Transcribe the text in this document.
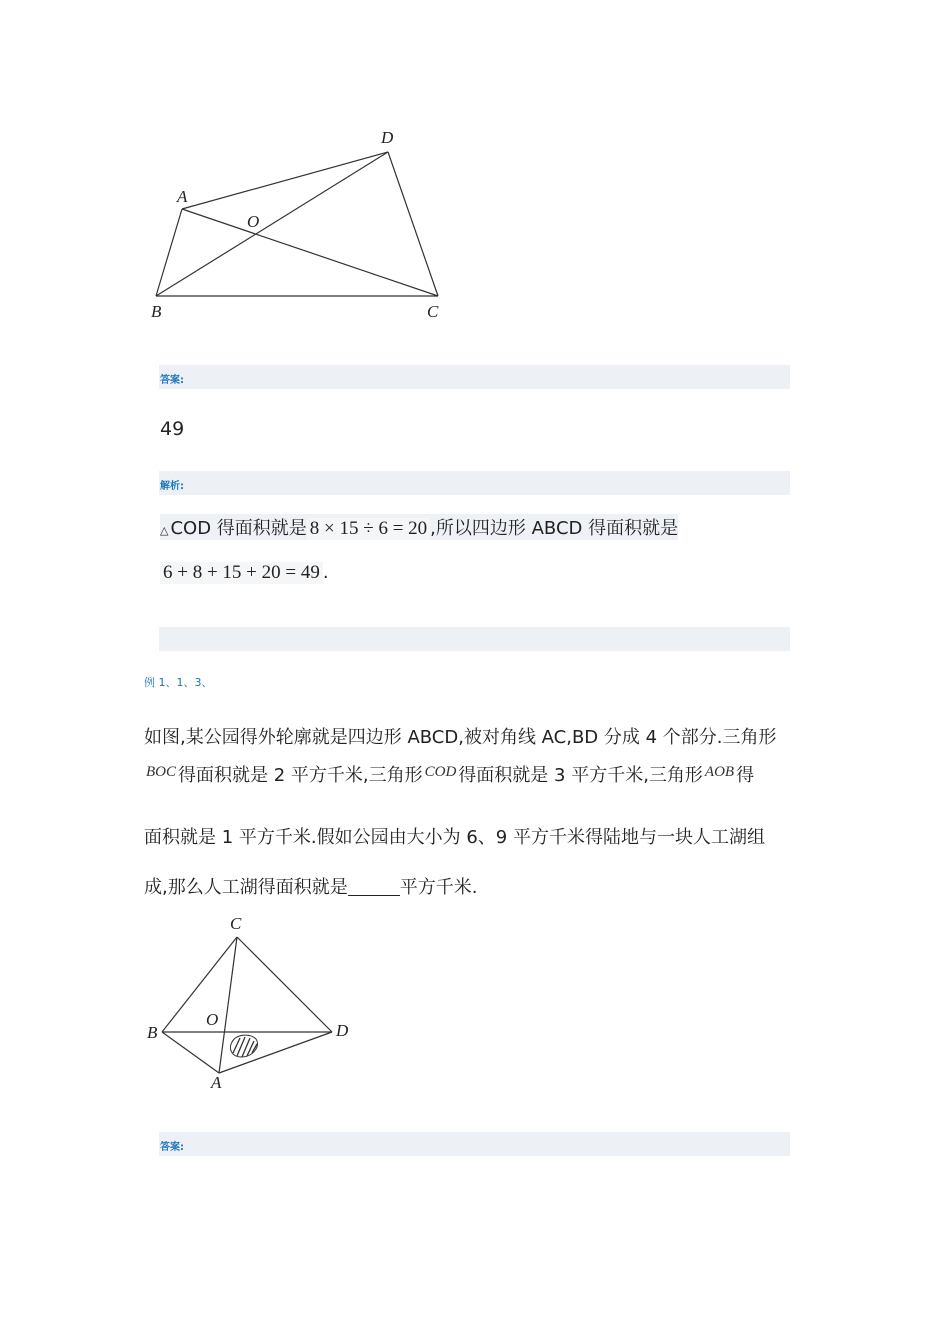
A
B	C
D
O
答案:
49
解析:
△ COD 得面积就是 8 × 15 ÷ 6 = 20 ,所以四边形 ABCD 得面积就是
6 + 8 + 15 + 20 = 49 .
例 1、1、3、
如图,某公园得外轮廓就是四边形 ABCD,被对角线 AC,BD 分成 4 个部分.三角形
$^{BOC}$ 得面积就是 2 平方千米,三角形 $^{COD}$ 得面积就是 3 平方千米,三角形 $^{AOB}$ 得
面积就是 1 平方千米.假如公园由大小为 6、9 平方千米得陆地与一块人工湖组
成,那么人工湖得面积就是	平方千米.
C
B	D
O
A
答案:
